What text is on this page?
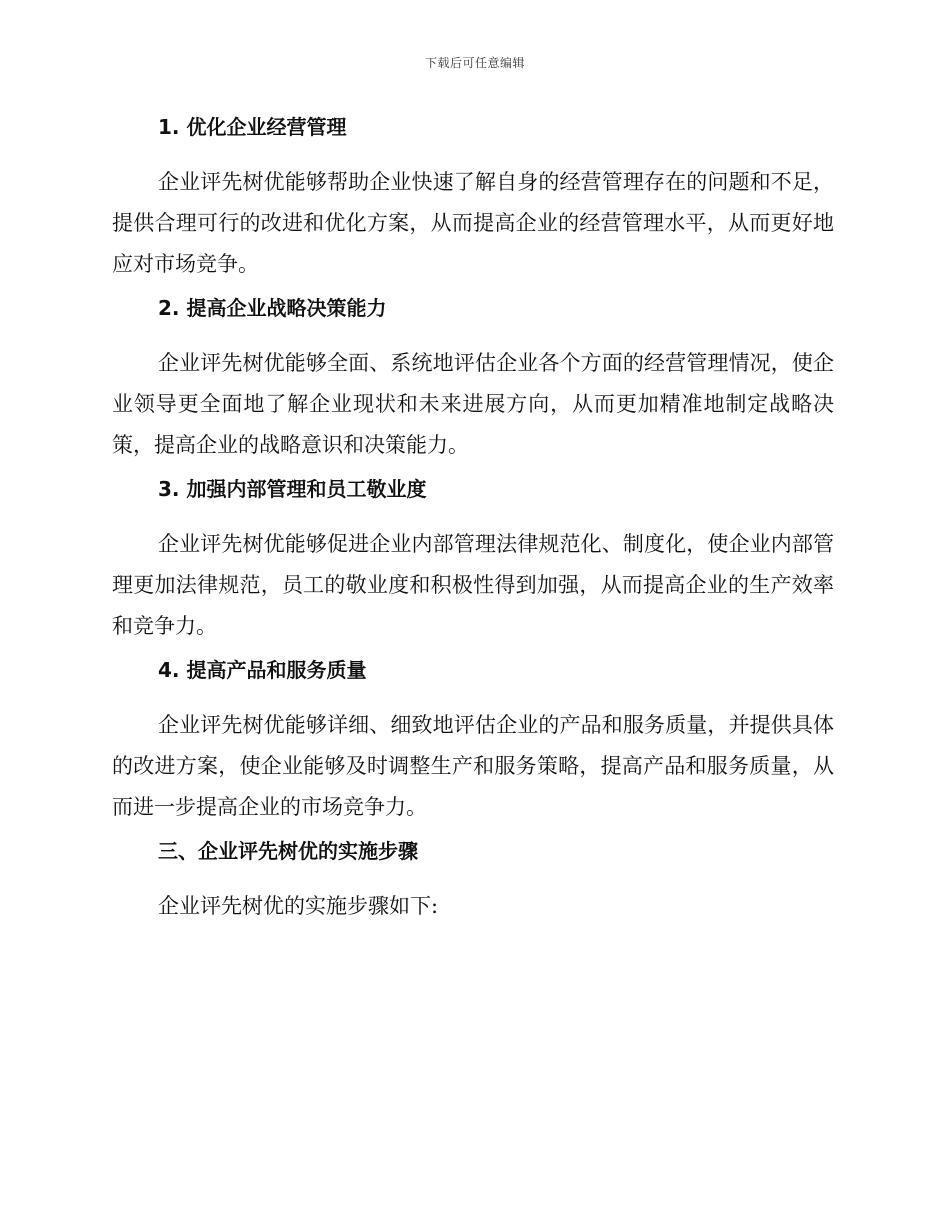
下载后可任意编辑
1. 优化企业经营管理

企业评先树优能够帮助企业快速了解自身的经营管理存在的问题和不足，提供合理可行的改进和优化方案，从而提高企业的经营管理水平，从而更好地应对市场竞争。

2. 提高企业战略决策能力

企业评先树优能够全面、系统地评估企业各个方面的经营管理情况，使企业领导更全面地了解企业现状和未来进展方向，从而更加精准地制定战略决策，提高企业的战略意识和决策能力。

3. 加强内部管理和员工敬业度

企业评先树优能够促进企业内部管理法律规范化、制度化，使企业内部管理更加法律规范，员工的敬业度和积极性得到加强，从而提高企业的生产效率和竞争力。

4. 提高产品和服务质量

企业评先树优能够详细、细致地评估企业的产品和服务质量，并提供具体的改进方案，使企业能够及时调整生产和服务策略，提高产品和服务质量，从而进一步提高企业的市场竞争力。

三、企业评先树优的实施步骤

企业评先树优的实施步骤如下:
